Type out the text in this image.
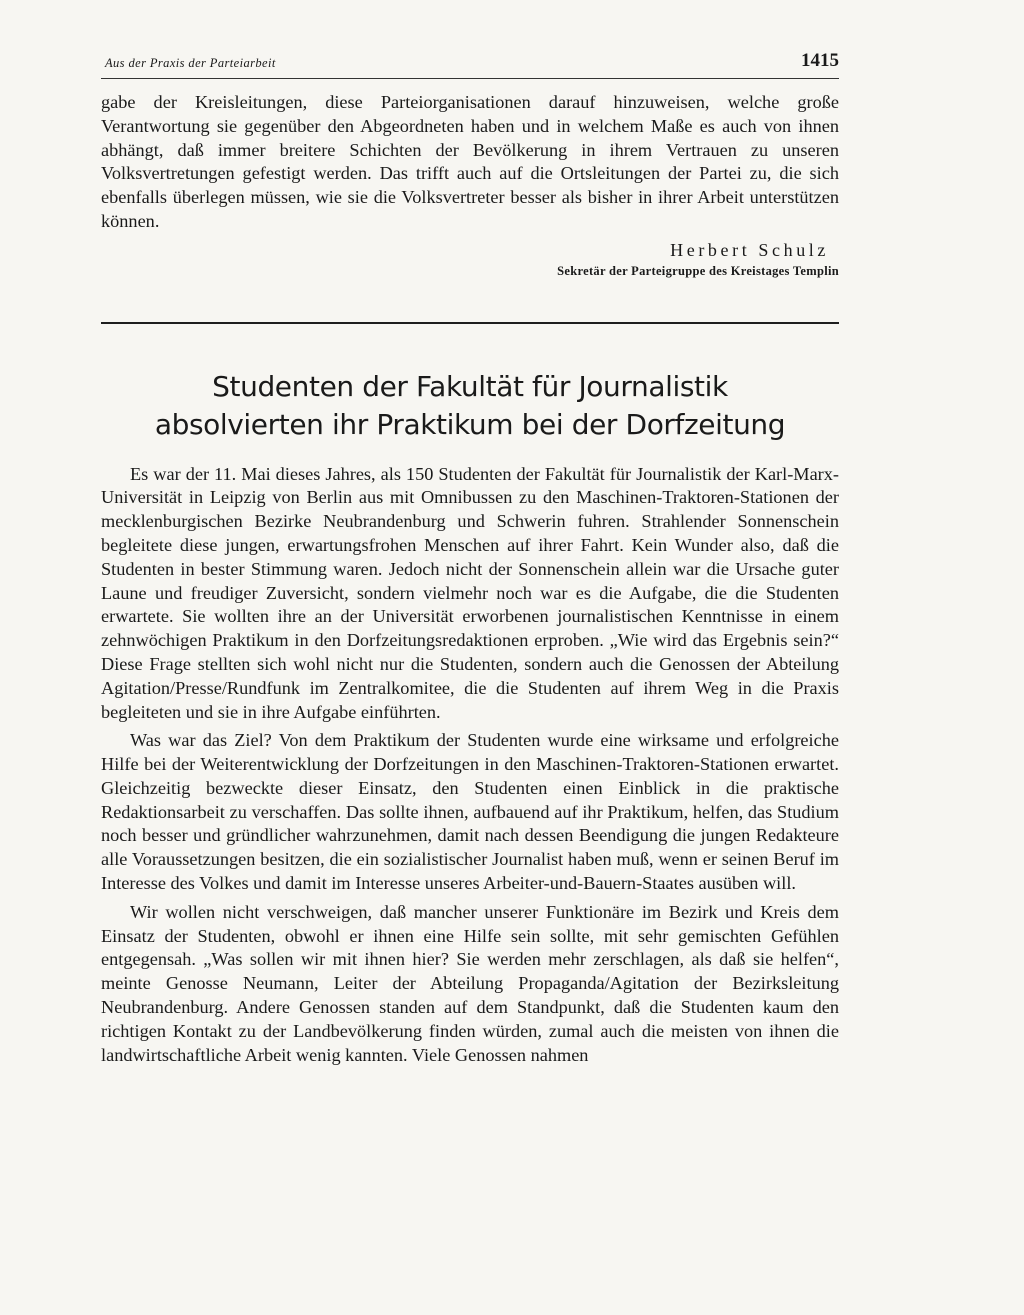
Aus der Praxis der Parteiarbeit	1415

gabe der Kreisleitungen, diese Parteiorganisationen darauf hinzuweisen, welche große Verantwortung sie gegenüber den Abgeordneten haben und in welchem Maße es auch von ihnen abhängt, daß immer breitere Schichten der Bevölkerung in ihrem Vertrauen zu unseren Volksvertretungen gefestigt werden. Das trifft auch auf die Ortsleitungen der Partei zu, die sich ebenfalls überlegen müssen, wie sie die Volksvertreter besser als bisher in ihrer Arbeit unterstützen können.

Herbert Schulz
Sekretär der Parteigruppe des Kreistages Templin
Studenten der Fakultät für Journalistik
absolvierten ihr Praktikum bei der Dorfzeitung

Es war der 11. Mai dieses Jahres, als 150 Studenten der Fakultät für Journalistik der Karl-Marx-Universität in Leipzig von Berlin aus mit Omnibussen zu den Maschinen-Traktoren-Stationen der mecklenburgischen Bezirke Neubrandenburg und Schwerin fuhren. Strahlender Sonnenschein begleitete diese jungen, erwartungsfrohen Menschen auf ihrer Fahrt. Kein Wunder also, daß die Studenten in bester Stimmung waren. Jedoch nicht der Sonnenschein allein war die Ursache guter Laune und freudiger Zuversicht, sondern vielmehr noch war es die Aufgabe, die die Studenten erwartete. Sie wollten ihre an der Universität erworbenen journalistischen Kenntnisse in einem zehnwöchigen Praktikum in den Dorfzeitungsredaktionen erproben. „Wie wird das Ergebnis sein?“ Diese Frage stellten sich wohl nicht nur die Studenten, sondern auch die Genossen der Abteilung Agitation/Presse/Rundfunk im Zentralkomitee, die die Studenten auf ihrem Weg in die Praxis begleiteten und sie in ihre Aufgabe einführten.

Was war das Ziel? Von dem Praktikum der Studenten wurde eine wirksame und erfolgreiche Hilfe bei der Weiterentwicklung der Dorfzeitungen in den Maschinen-Traktoren-Stationen erwartet. Gleichzeitig bezweckte dieser Einsatz, den Studenten einen Einblick in die praktische Redaktionsarbeit zu verschaffen. Das sollte ihnen, aufbauend auf ihr Praktikum, helfen, das Studium noch besser und gründlicher wahrzunehmen, damit nach dessen Beendigung die jungen Redakteure alle Voraussetzungen besitzen, die ein sozialistischer Journalist haben muß, wenn er seinen Beruf im Interesse des Volkes und damit im Interesse unseres Arbeiter-und-Bauern-Staates ausüben will.

Wir wollen nicht verschweigen, daß mancher unserer Funktionäre im Bezirk und Kreis dem Einsatz der Studenten, obwohl er ihnen eine Hilfe sein sollte, mit sehr gemischten Gefühlen entgegensah. „Was sollen wir mit ihnen hier? Sie werden mehr zerschlagen, als daß sie helfen“, meinte Genosse Neumann, Leiter der Abteilung Propaganda/Agitation der Bezirksleitung Neubrandenburg. Andere Genossen standen auf dem Standpunkt, daß die Studenten kaum den richtigen Kontakt zu der Landbevölkerung finden würden, zumal auch die meisten von ihnen die landwirtschaftliche Arbeit wenig kannten. Viele Genossen nahmen
